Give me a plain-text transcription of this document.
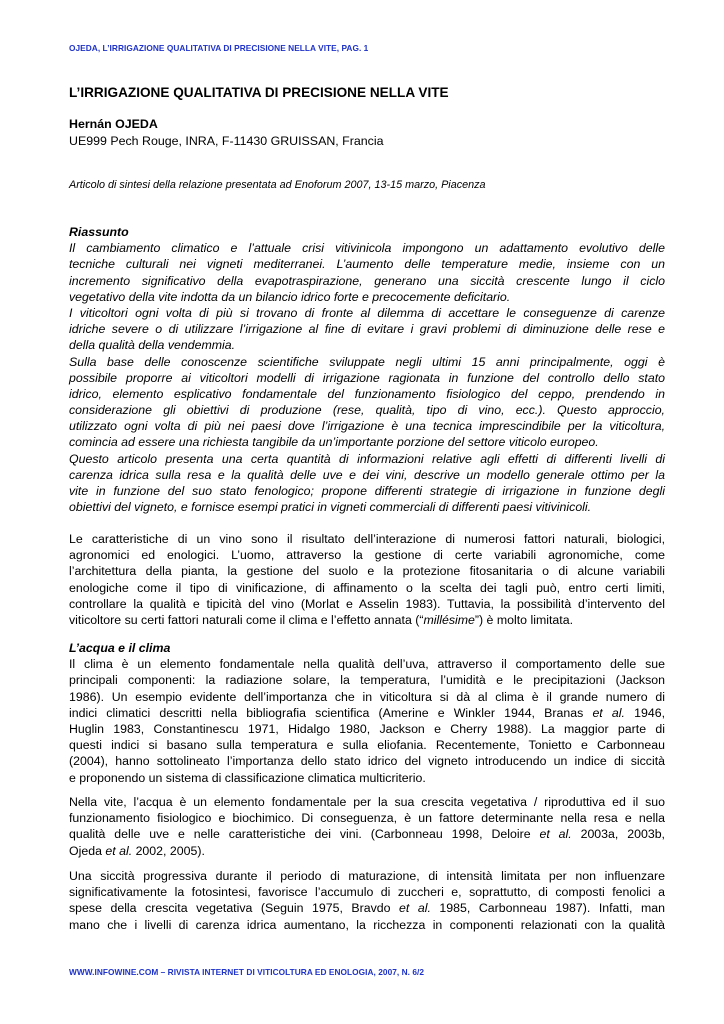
OJEDA, L’IRRIGAZIONE QUALITATIVA DI PRECISIONE NELLA VITE, PAG. 1
L’IRRIGAZIONE QUALITATIVA DI PRECISIONE NELLA VITE
Hernán OJEDA
UE999 Pech Rouge, INRA, F-11430 GRUISSAN, Francia
Articolo di sintesi della relazione presentata ad Enoforum 2007, 13-15 marzo, Piacenza
Riassunto
Il cambiamento climatico e l’attuale crisi vitivinicola impongono un adattamento evolutivo delle
tecniche culturali nei vigneti mediterranei. L’aumento delle temperature medie, insieme con un
incremento significativo della evapotraspirazione, generano una siccità crescente lungo il ciclo
vegetativo della vite indotta da un bilancio idrico forte e precocemente deficitario.
I viticoltori ogni volta di più si trovano di fronte al dilemma di accettare le conseguenze di carenze
idriche severe o di utilizzare l’irrigazione al fine di evitare i gravi problemi di diminuzione delle rese e
della qualità della vendemmia.
Sulla base delle conoscenze scientifiche sviluppate negli ultimi 15 anni principalmente, oggi è
possibile proporre ai viticoltori modelli di irrigazione ragionata in funzione del controllo dello stato
idrico, elemento esplicativo fondamentale del funzionamento fisiologico del ceppo, prendendo in
considerazione gli obiettivi di produzione (rese, qualità, tipo di vino, ecc.). Questo approccio,
utilizzato ogni volta di più nei paesi dove l’irrigazione è una tecnica imprescindibile per la viticoltura,
comincia ad essere una richiesta tangibile da un’importante porzione del settore viticolo europeo.
Questo articolo presenta una certa quantità di informazioni relative agli effetti di differenti livelli di
carenza idrica sulla resa e la qualità delle uve e dei vini, descrive un modello generale ottimo per la
vite in funzione del suo stato fenologico; propone differenti strategie di irrigazione in funzione degli
obiettivi del vigneto, e fornisce esempi pratici in vigneti commerciali di differenti paesi vitivinicoli.
Le caratteristiche di un vino sono il risultato dell’interazione di numerosi fattori naturali, biologici,
agronomici ed enologici. L’uomo, attraverso la gestione di certe variabili agronomiche, come
l’architettura della pianta, la gestione del suolo e la protezione fitosanitaria o di alcune variabili
enologiche come il tipo di vinificazione, di affinamento o la scelta dei tagli può, entro certi limiti,
controllare la qualità e tipicità del vino (Morlat e Asselin 1983). Tuttavia, la possibilità d’intervento del
viticoltore su certi fattori naturali come il clima e l’effetto annata (“millésime”) è molto limitata.
L’acqua e il clima
Il clima è un elemento fondamentale nella qualità dell’uva, attraverso il comportamento delle sue
principali componenti: la radiazione solare, la temperatura, l’umidità e le precipitazioni (Jackson
1986). Un esempio evidente dell’importanza che in viticoltura si dà al clima è il grande numero di
indici climatici descritti nella bibliografia scientifica (Amerine e Winkler 1944, Branas et al. 1946,
Huglin 1983, Constantinescu 1971, Hidalgo 1980, Jackson e Cherry 1988). La maggior parte di
questi indici si basano sulla temperatura e sulla eliofania. Recentemente, Tonietto e Carbonneau
(2004), hanno sottolineato l’importanza dello stato idrico del vigneto introducendo un indice di siccità
e proponendo un sistema di classificazione climatica multicriterio.
Nella vite, l’acqua è un elemento fondamentale per la sua crescita vegetativa / riproduttiva ed il suo
funzionamento fisiologico e biochimico. Di conseguenza, è un fattore determinante nella resa e nella
qualità delle uve e nelle caratteristiche dei vini. (Carbonneau 1998, Deloire et al. 2003a, 2003b,
Ojeda et al. 2002, 2005).
Una siccità progressiva durante il periodo di maturazione, di intensità limitata per non influenzare
significativamente la fotosintesi, favorisce l’accumulo di zuccheri e, soprattutto, di composti fenolici a
spese della crescita vegetativa (Seguin 1975, Bravdo et al. 1985, Carbonneau 1987). Infatti, man
mano che i livelli di carenza idrica aumentano, la ricchezza in componenti relazionati con la qualità
WWW.INFOWINE.COM – RIVISTA INTERNET DI VITICOLTURA ED ENOLOGIA, 2007, N. 6/2
